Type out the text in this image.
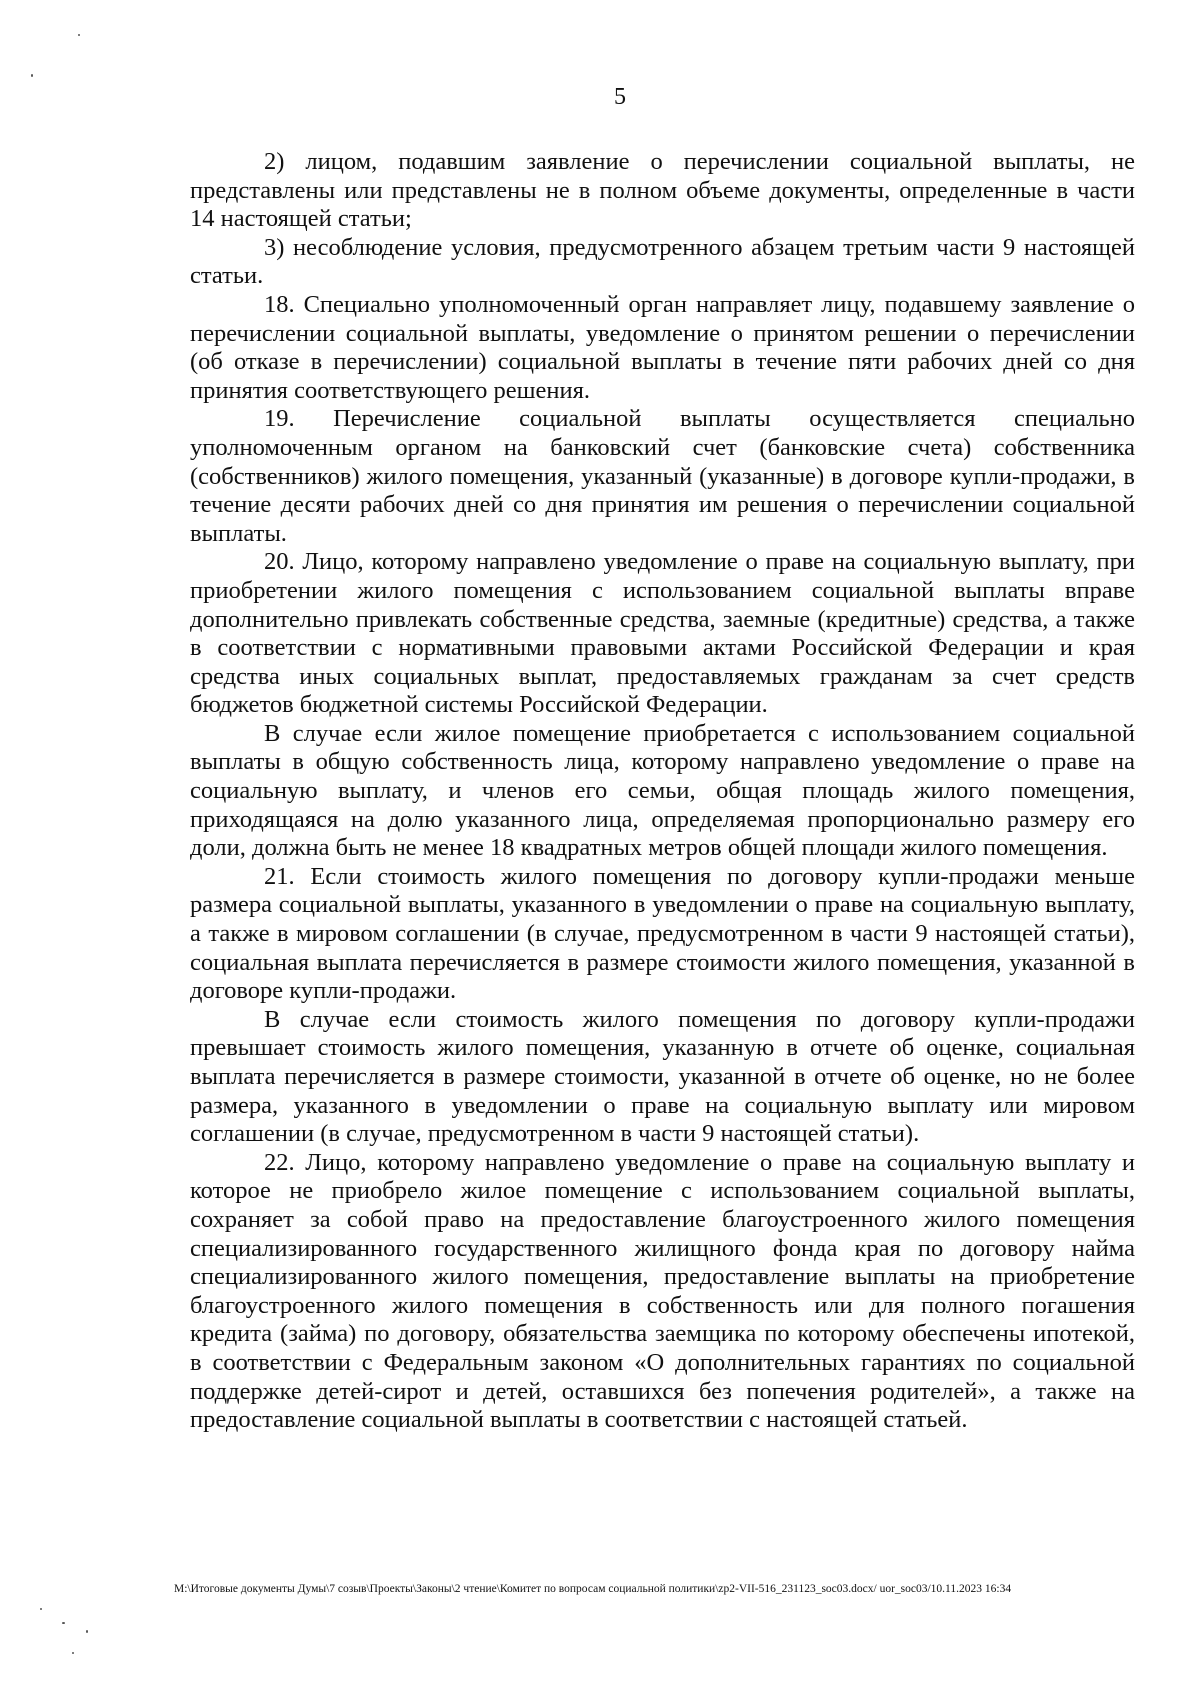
5

2) лицом, подавшим заявление о перечислении социальной выплаты, не представлены или представлены не в полном объеме документы, определенные в части 14 настоящей статьи;

3) несоблюдение условия, предусмотренного абзацем третьим части 9 настоящей статьи.

18. Специально уполномоченный орган направляет лицу, подавшему заявление о перечислении социальной выплаты, уведомление о принятом решении о перечислении (об отказе в перечислении) социальной выплаты в течение пяти рабочих дней со дня принятия соответствующего решения.

19. Перечисление социальной выплаты осуществляется специально уполномоченным органом на банковский счет (банковские счета) собственника (собственников) жилого помещения, указанный (указанные) в договоре купли-продажи, в течение десяти рабочих дней со дня принятия им решения о перечислении социальной выплаты.

20. Лицо, которому направлено уведомление о праве на социальную выплату, при приобретении жилого помещения с использованием социальной выплаты вправе дополнительно привлекать собственные средства, заемные (кредитные) средства, а также в соответствии с нормативными правовыми актами Российской Федерации и края средства иных социальных выплат, предоставляемых гражданам за счет средств бюджетов бюджетной системы Российской Федерации.

В случае если жилое помещение приобретается с использованием социальной выплаты в общую собственность лица, которому направлено уведомление о праве на социальную выплату, и членов его семьи, общая площадь жилого помещения, приходящаяся на долю указанного лица, определяемая пропорционально размеру его доли, должна быть не менее 18 квадратных метров общей площади жилого помещения.

21. Если стоимость жилого помещения по договору купли-продажи меньше размера социальной выплаты, указанного в уведомлении о праве на социальную выплату, а также в мировом соглашении (в случае, предусмотренном в части 9 настоящей статьи), социальная выплата перечисляется в размере стоимости жилого помещения, указанной в договоре купли-продажи.

В случае если стоимость жилого помещения по договору купли-продажи превышает стоимость жилого помещения, указанную в отчете об оценке, социальная выплата перечисляется в размере стоимости, указанной в отчете об оценке, но не более размера, указанного в уведомлении о праве на социальную выплату или мировом соглашении (в случае, предусмотренном в части 9 настоящей статьи).

22. Лицо, которому направлено уведомление о праве на социальную выплату и которое не приобрело жилое помещение с использованием социальной выплаты, сохраняет за собой право на предоставление благоустроенного жилого помещения специализированного государственного жилищного фонда края по договору найма специализированного жилого помещения, предоставление выплаты на приобретение благоустроенного жилого помещения в собственность или для полного погашения кредита (займа) по договору, обязательства заемщика по которому обеспечены ипотекой, в соответствии с Федеральным законом «О дополнительных гарантиях по социальной поддержке детей-сирот и детей, оставшихся без попечения родителей», а также на предоставление социальной выплаты в соответствии с настоящей статьей.

M:\Итоговые документы Думы\7 созыв\Проекты\Законы\2 чтение\Комитет по вопросам социальной политики\zp2-VII-516_231123_soc03.docx/ uor_soc03/10.11.2023 16:34
